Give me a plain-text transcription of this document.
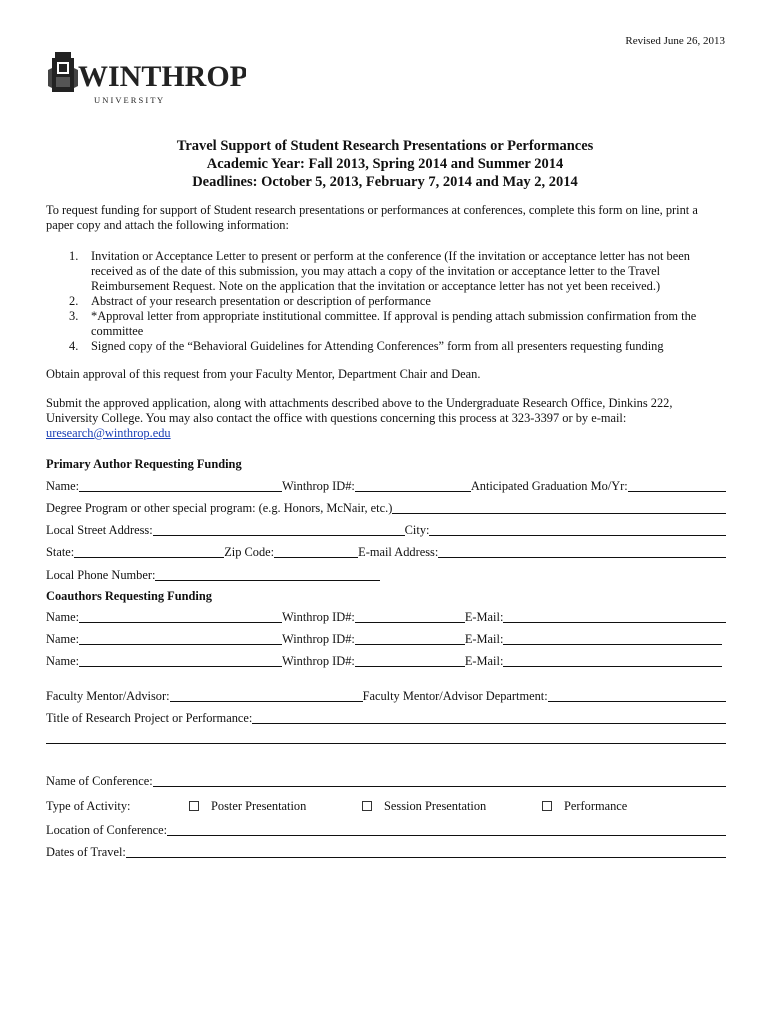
Revised June 26, 2013
WINTHROP
U N I V E R S I T Y
Travel Support of Student Research Presentations or Performances
Academic Year: Fall 2013, Spring 2014 and Summer 2014
Deadlines: October 5, 2013, February 7, 2014 and May 2, 2014
To request funding for support of Student research presentations or performances at conferences, complete this form on line, print a paper copy and attach the following information:
1. Invitation or Acceptance Letter to present or perform at the conference (If the invitation or acceptance letter has not been received as of the date of this submission, you may attach a copy of the invitation or acceptance letter to the Travel Reimbursement Request. Note on the application that the invitation or acceptance letter has not yet been received.)
2. Abstract of your research presentation or description of performance
3. *Approval letter from appropriate institutional committee. If approval is pending attach submission confirmation from the committee
4. Signed copy of the “Behavioral Guidelines for Attending Conferences” form from all presenters requesting funding
Obtain approval of this request from your Faculty Mentor, Department Chair and Dean.
Submit the approved application, along with attachments described above to the Undergraduate Research Office, Dinkins 222, University College. You may also contact the office with questions concerning this process at 323-3397 or by e-mail:
uresearch@winthrop.edu
Primary Author Requesting Funding
Name:	Winthrop ID#:	Anticipated Graduation Mo/Yr:
Degree Program or other special program: (e.g. Honors, McNair, etc.)
Local Street Address:	City:
State:	Zip Code:	E-mail Address:
Local Phone Number:
Coauthors Requesting Funding
Name:	Winthrop ID#:	E-Mail:
Name:	Winthrop ID#:	E-Mail:
Name:	Winthrop ID#:	E-Mail:
Faculty Mentor/Advisor:	Faculty Mentor/Advisor Department:
Title of Research Project or Performance:
Name of Conference:
Type of Activity:	Poster Presentation	Session Presentation	Performance
Location of Conference:
Dates of Travel:
